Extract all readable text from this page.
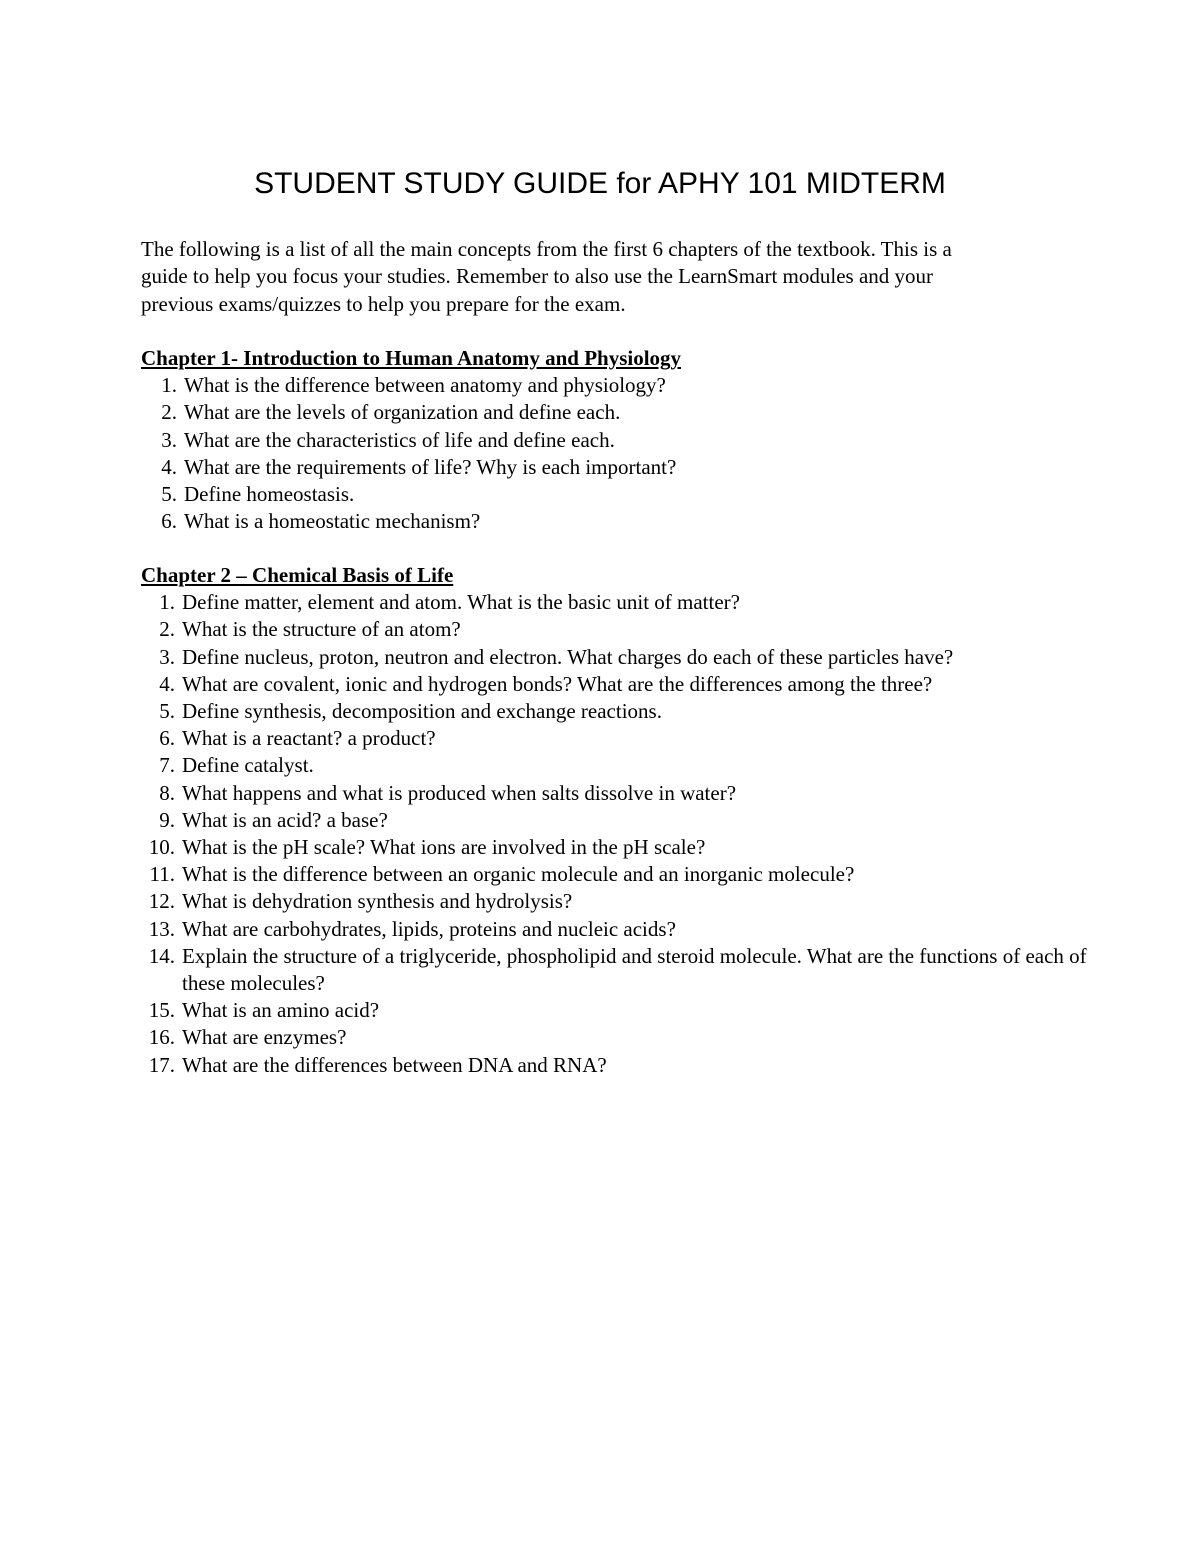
STUDENT STUDY GUIDE for APHY 101 MIDTERM

The following is a list of all the main concepts from the first 6 chapters of the textbook. This is a
guide to help you focus your studies. Remember to also use the LearnSmart modules and your
previous exams/quizzes to help you prepare for the exam.

Chapter 1- Introduction to Human Anatomy and Physiology
1. What is the difference between anatomy and physiology?
2. What are the levels of organization and define each.
3. What are the characteristics of life and define each.
4. What are the requirements of life? Why is each important?
5. Define homeostasis.
6. What is a homeostatic mechanism?
Chapter 2 – Chemical Basis of Life
1. Define matter, element and atom. What is the basic unit of matter?
2. What is the structure of an atom?
3. Define nucleus, proton, neutron and electron. What charges do each of these particles have?
4. What are covalent, ionic and hydrogen bonds? What are the differences among the three?
5. Define synthesis, decomposition and exchange reactions.
6. What is a reactant? a product?
7. Define catalyst.
8. What happens and what is produced when salts dissolve in water?
9. What is an acid? a base?
10. What is the pH scale? What ions are involved in the pH scale?
11. What is the difference between an organic molecule and an inorganic molecule?
12. What is dehydration synthesis and hydrolysis?
13. What are carbohydrates, lipids, proteins and nucleic acids?
14. Explain the structure of a triglyceride, phospholipid and steroid molecule. What are the functions of each of these molecules?
15. What is an amino acid?
16. What are enzymes?
17. What are the differences between DNA and RNA?
